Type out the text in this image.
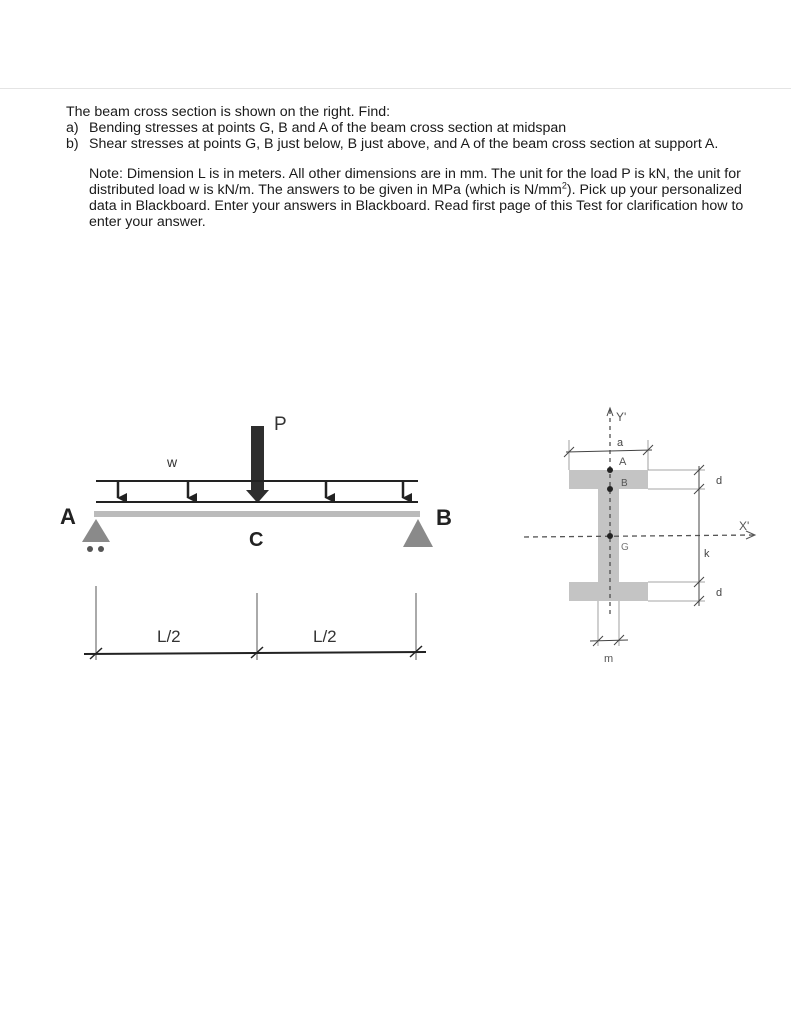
The beam cross section is shown on the right. Find:

a) Bending stresses at points G, B and A of the beam cross section at midspan
b) Shear stresses at points G, B just below, B just above, and A of the beam cross section at support A.

Note: Dimension L is in meters. All other dimensions are in mm. The unit for the load P is kN, the unit for distributed load w is kN/m. The answers to be given in MPa (which is $N/mm^2$). Pick up your personalized data in Blackboard. Enter your answers in Blackboard. Read first page of this Test for clarification how to enter your answer.

P
w
A	B
C
L/2	L/2
Y'
X'
a
A
B
G
d
k
d
m
